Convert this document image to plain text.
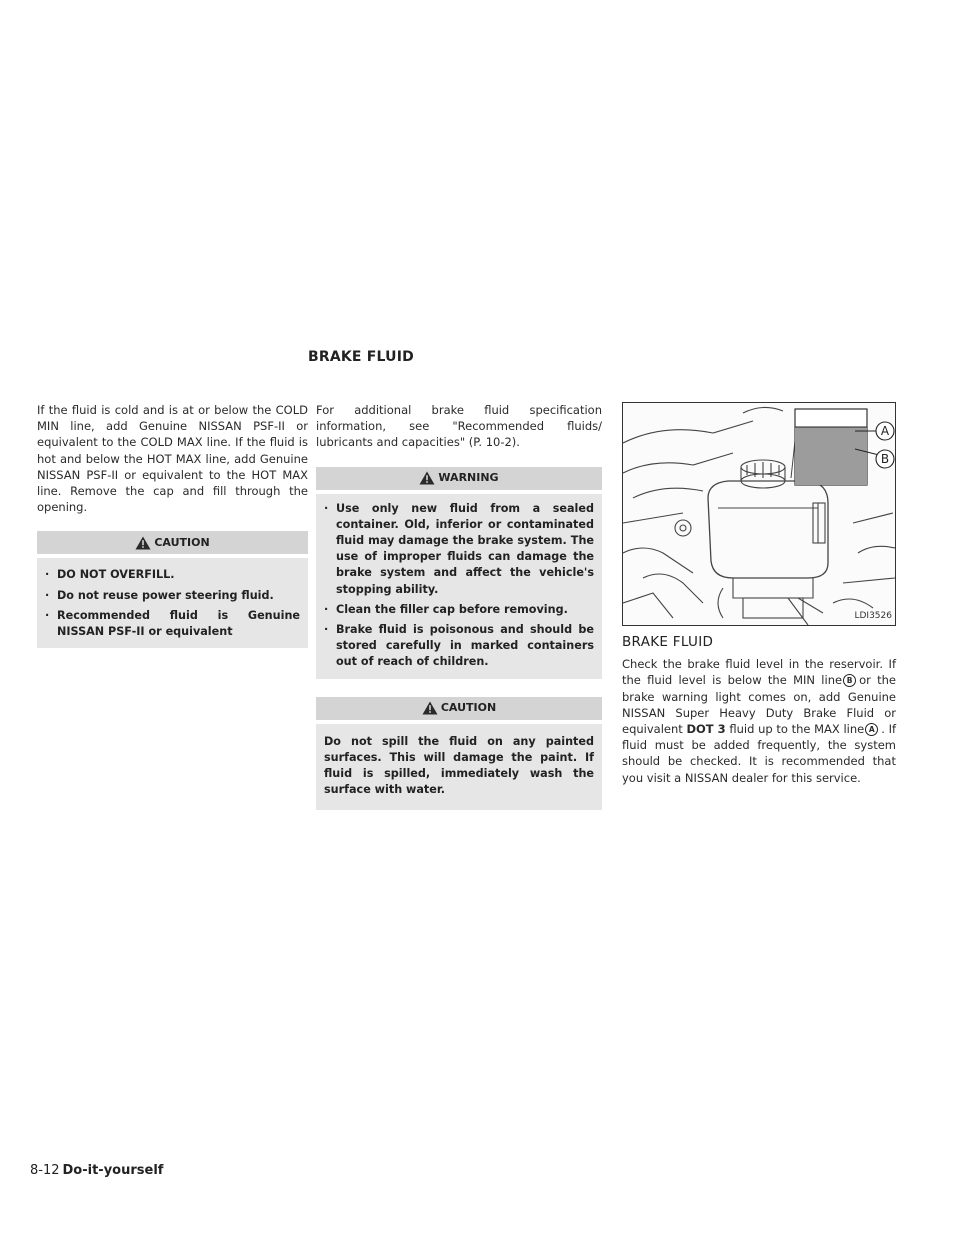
BRAKE FLUID

If the fluid is cold and is at or below the COLD MIN line, add Genuine NISSAN PSF-II or equivalent to the COLD MAX line. If the fluid is hot and below the HOT MAX line, add Genuine NISSAN PSF-II or equivalent to the HOT MAX line. Remove the cap and fill through the opening.

CAUTION
· DO NOT OVERFILL.
· Do not reuse power steering fluid.
· Recommended fluid is Genuine NISSAN PSF-II or equivalent

For additional brake fluid specification information, see "Recommended fluids/ lubricants and capacities" (P. 10-2).

WARNING
· Use only new fluid from a sealed container. Old, inferior or contaminated fluid may damage the brake system. The use of improper fluids can damage the brake system and affect the vehicle's stopping ability.
· Clean the filler cap before removing.
· Brake fluid is poisonous and should be stored carefully in marked containers out of reach of children.
CAUTION

Do not spill the fluid on any painted surfaces. This will damage the paint. If fluid is spilled, immediately wash the surface with water.

A
B
LDI3526
BRAKE FLUID

Check the brake fluid level in the reservoir. If the fluid level is below the MIN line B or the brake warning light comes on, add Genuine NISSAN Super Heavy Duty Brake Fluid or equivalent DOT 3 fluid up to the MAX line A . If fluid must be added frequently, the system should be checked. It is recommended that you visit a NISSAN dealer for this service.

8-12 Do-it-yourself
